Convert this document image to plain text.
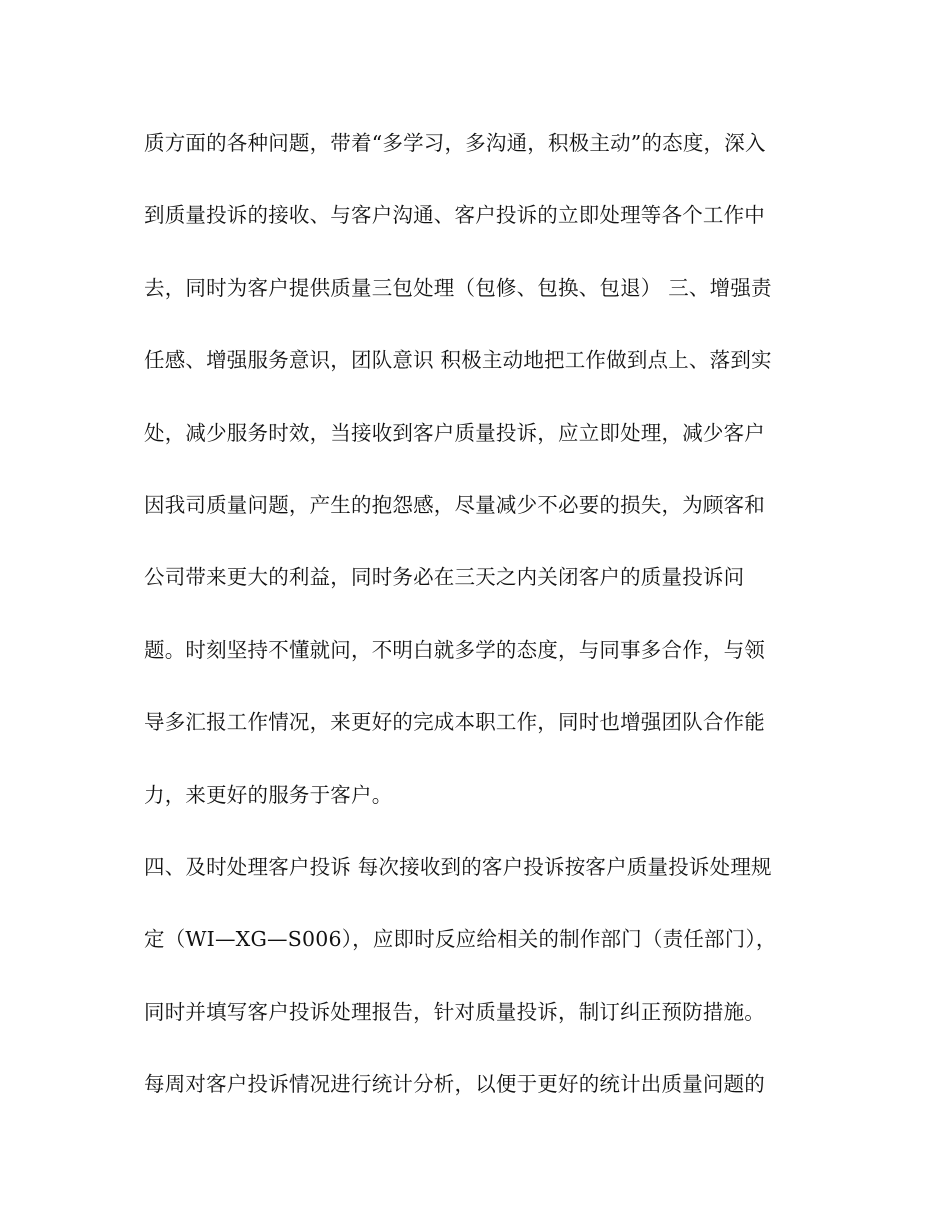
质方面的各种问题，带着“多学习，多沟通，积极主动”的态度，深入
到质量投诉的接收、与客户沟通、客户投诉的立即处理等各个工作中
去，同时为客户提供质量三包处理（包修、包换、包退） 三、增强责
任感、增强服务意识，团队意识 积极主动地把工作做到点上、落到实
处，减少服务时效，当接收到客户质量投诉，应立即处理，减少客户
因我司质量问题，产生的抱怨感，尽量减少不必要的损失，为顾客和
公司带来更大的利益，同时务必在三天之内关闭客户的质量投诉问
题。时刻坚持不懂就问，不明白就多学的态度，与同事多合作，与领
导多汇报工作情况，来更好的完成本职工作，同时也增强团队合作能
力，来更好的服务于客户。
四、及时处理客户投诉 每次接收到的客户投诉按客户质量投诉处理规
定（WI—XG—S006），应即时反应给相关的制作部门（责任部门），
同时并填写客户投诉处理报告，针对质量投诉，制订纠正预防措施。
每周对客户投诉情况进行统计分析，以便于更好的统计出质量问题的
